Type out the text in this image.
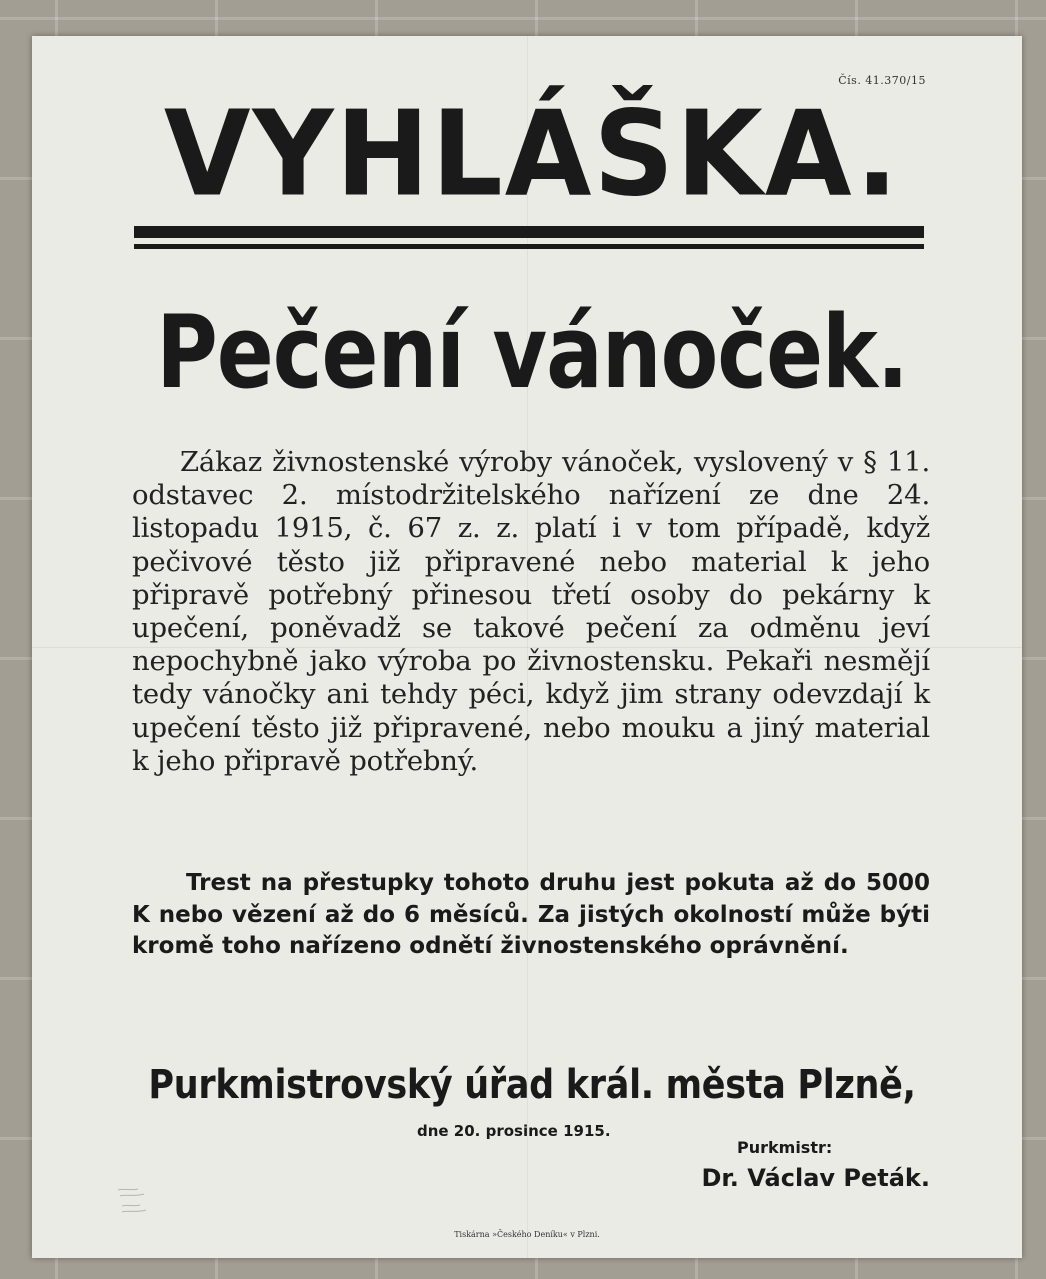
Čís. 41.370/15
VYHLÁŠKA.
Pečení vánoček.

Zákaz živnostenské výroby vánoček, vyslovený v § 11. odstavec 2. místodržitelského nařízení ze dne 24. listopadu 1915, č. 67 z. z. platí i v tom případě, když pečivové těsto již připravené nebo material k jeho připravě potřebný přinesou třetí osoby do pekárny k upečení, poněvadž se takové pečení za odměnu jeví nepochybně jako výroba po živnostensku. Pekaři nesmějí tedy vánočky ani tehdy péci, když jim strany odevzdají k upečení těsto již připravené, nebo mouku a jiný material k jeho připravě potřebný.

Trest na přestupky tohoto druhu jest pokuta až do 5000 K nebo vězení až do 6 měsíců. Za jistých okolností může býti kromě toho nařízeno odnětí živnostenského oprávnění.

Purkmistrovský úřad král. města Plzně,
dne 20. prosince 1915.
Purkmistr:
Dr. Václav Peták.
Tiskárna »Českého Deníku« v Plzni.
